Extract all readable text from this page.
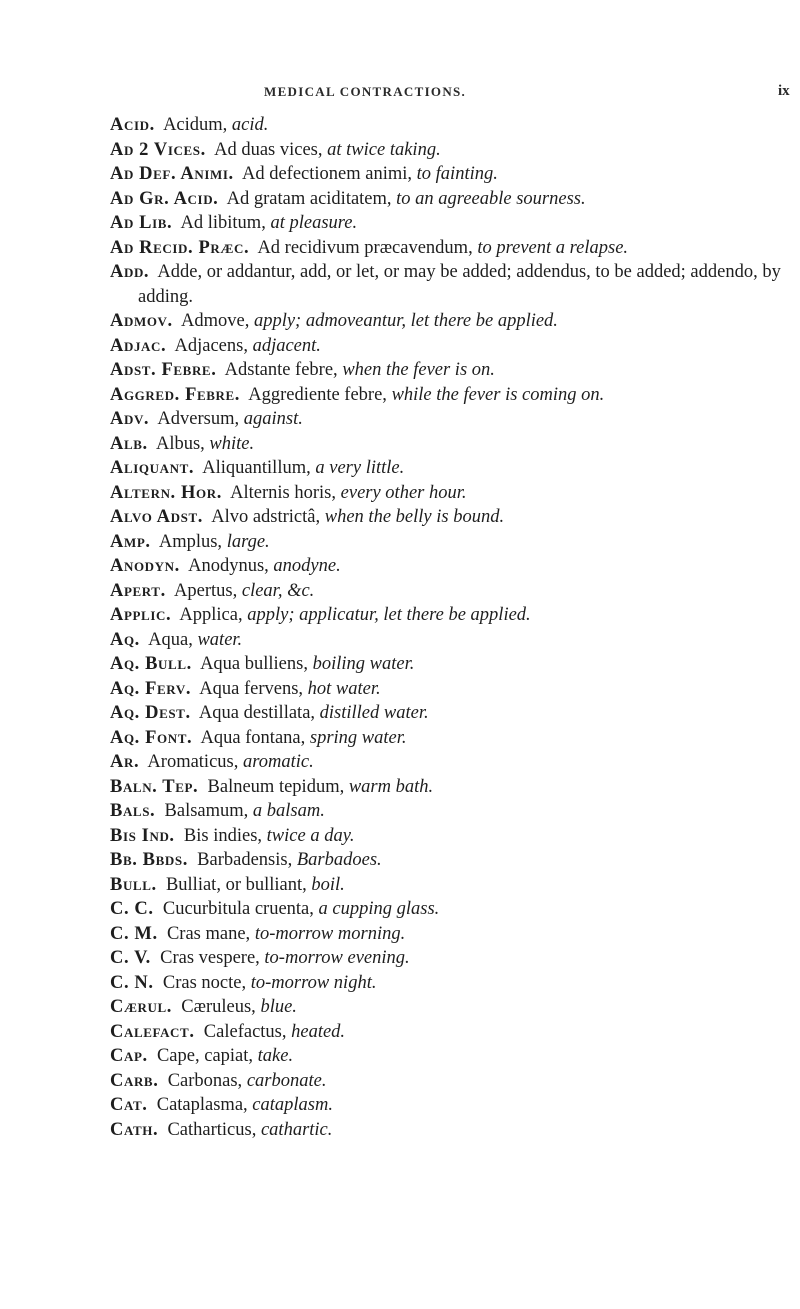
MEDICAL CONTRACTIONS.	ix
Acid. Acidum, acid.
Ad 2 Vices. Ad duas vices, at twice taking.
Ad Def. Animi. Ad defectionem animi, to fainting.
Ad Gr. Acid. Ad gratam aciditatem, to an agreeable sourness.
Ad Lib. Ad libitum, at pleasure.
Ad Recid. Præc. Ad recidivum præcavendum, to prevent a relapse.
Add. Adde, or addantur, add, or let, or may be added; addendus, to be added; addendo, by adding.
Admov. Admove, apply; admoveantur, let there be applied.
Adjac. Adjacens, adjacent.
Adst. Febre. Adstante febre, when the fever is on.
Aggred. Febre. Aggrediente febre, while the fever is coming on.
Adv. Adversum, against.
Alb. Albus, white.
Aliquant. Aliquantillum, a very little.
Altern. Hor. Alternis horis, every other hour.
Alvo Adst. Alvo adstrictâ, when the belly is bound.
Amp. Amplus, large.
Anodyn. Anodynus, anodyne.
Apert. Apertus, clear, &c.
Applic. Applica, apply; applicatur, let there be applied.
Aq. Aqua, water.
Aq. Bull. Aqua bulliens, boiling water.
Aq. Ferv. Aqua fervens, hot water.
Aq. Dest. Aqua destillata, distilled water.
Aq. Font. Aqua fontana, spring water.
Ar. Aromaticus, aromatic.
Baln. Tep. Balneum tepidum, warm bath.
Bals. Balsamum, a balsam.
Bis Ind. Bis indies, twice a day.
Bb. Bbds. Barbadensis, Barbadoes.
Bull. Bulliat, or bulliant, boil.
C. C. Cucurbitula cruenta, a cupping glass.
C. M. Cras mane, to-morrow morning.
C. V. Cras vespere, to-morrow evening.
C. N. Cras nocte, to-morrow night.
Cærul. Cæruleus, blue.
Calefact. Calefactus, heated.
Cap. Cape, capiat, take.
Carb. Carbonas, carbonate.
Cat. Cataplasma, cataplasm.
Cath. Catharticus, cathartic.
